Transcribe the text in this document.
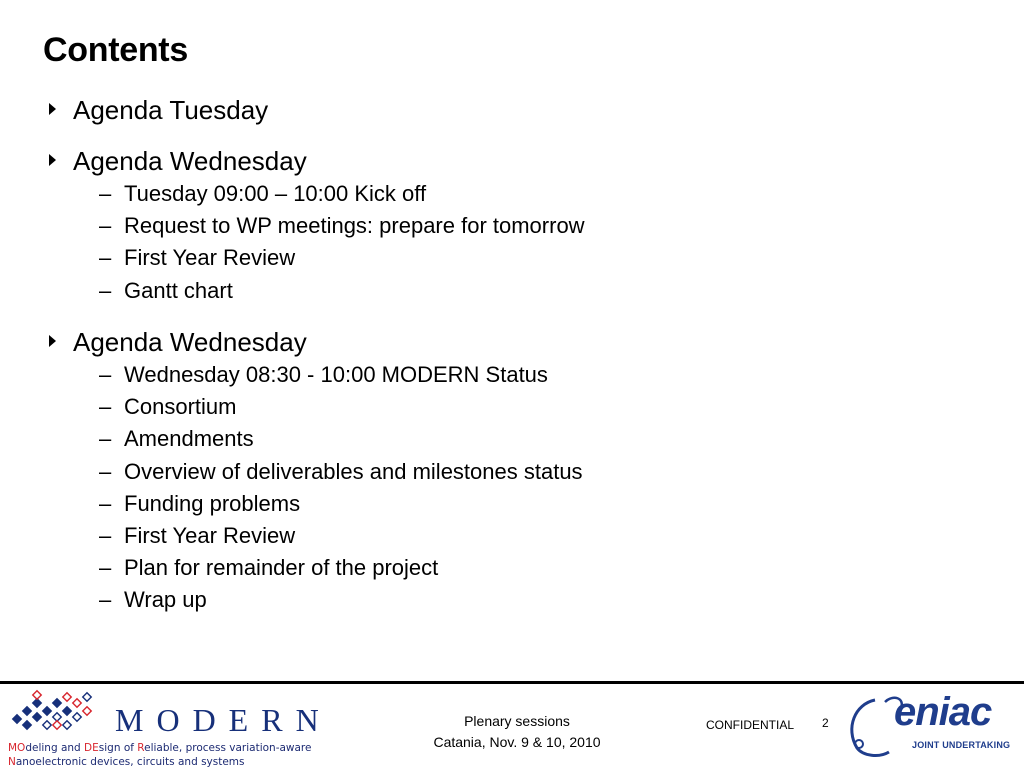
Contents
Agenda Tuesday
Agenda Wednesday
– Tuesday 09:00 – 10:00 Kick off
– Request to WP meetings: prepare for tomorrow
– First Year Review
– Gantt chart
Agenda Wednesday
– Wednesday 08:30 - 10:00 MODERN Status
– Consortium
– Amendments
– Overview of deliverables and milestones status
– Funding problems
– First Year Review
– Plan for remainder of the project
– Wrap up
MODERN
MOdeling and DEsign of Reliable, process variation-aware
Nanoelectronic devices, circuits and systems
Plenary sessions
Catania, Nov. 9 & 10, 2010
CONFIDENTIAL 2 eniac
JOINT UNDERTAKING
